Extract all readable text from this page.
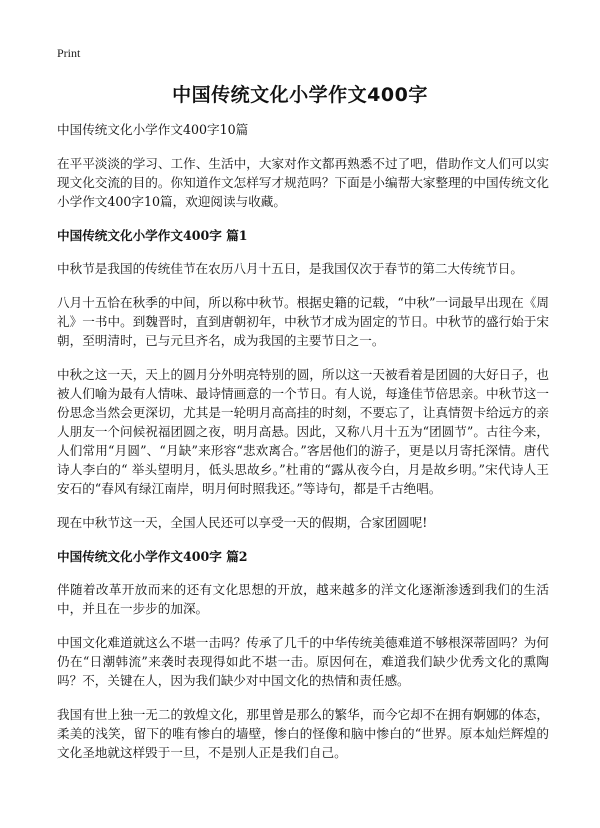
Print
中国传统文化小学作文400字

中国传统文化小学作文400字10篇

在平平淡淡的学习、工作、生活中，大家对作文都再熟悉不过了吧，借助作文人们可以实现文化交流的目的。你知道作文怎样写才规范吗？下面是小编帮大家整理的中国传统文化小学作文400字10篇，欢迎阅读与收藏。

中国传统文化小学作文400字 篇1

中秋节是我国的传统佳节在农历八月十五日，是我国仅次于春节的第二大传统节日。

八月十五恰在秋季的中间，所以称中秋节。根据史籍的记载，“中秋”一词最早出现在《周礼》一书中。到魏晋时，直到唐朝初年，中秋节才成为固定的节日。中秋节的盛行始于宋朝，至明清时，已与元旦齐名，成为我国的主要节日之一。

中秋之这一天，天上的圆月分外明亮特别的圆，所以这一天被看着是团圆的大好日子，也被人们喻为最有人情味、最诗情画意的一个节日。有人说，每逢佳节倍思亲。中秋节这一份思念当然会更深切，尤其是一轮明月高高挂的时刻，不要忘了，让真情贺卡给远方的亲人朋友一个问候祝福团圆之夜，明月高悬。因此，又称八月十五为“团圆节”。古往今来，人们常用“月圆”、“月缺”来形容“悲欢离合。”客居他们的游子，更是以月寄托深情。唐代诗人李白的“ 举头望明月，低头思故乡。”杜甫的“露从夜今白，月是故乡明。”宋代诗人王安石的“春风有绿江南岸，明月何时照我还。”等诗句，都是千古绝唱。

现在中秋节这一天，全国人民还可以享受一天的假期，合家团圆呢!

中国传统文化小学作文400字 篇2

伴随着改革开放而来的还有文化思想的开放，越来越多的洋文化逐渐渗透到我们的生活中，并且在一步步的加深。

中国文化难道就这么不堪一击吗？传承了几千的中华传统美德难道不够根深蒂固吗？为何仍在“日潮韩流”来袭时表现得如此不堪一击。原因何在，难道我们缺少优秀文化的熏陶吗？不，关键在人，因为我们缺少对中国文化的热情和责任感。

我国有世上独一无二的敦煌文化，那里曾是那么的繁华，而今它却不在拥有婀娜的体态，柔美的浅笑，留下的唯有惨白的墙壁，惨白的怪像和脑中惨白的“世界。原本灿烂辉煌的文化圣地就这样毁于一旦，不是别人正是我们自己。
